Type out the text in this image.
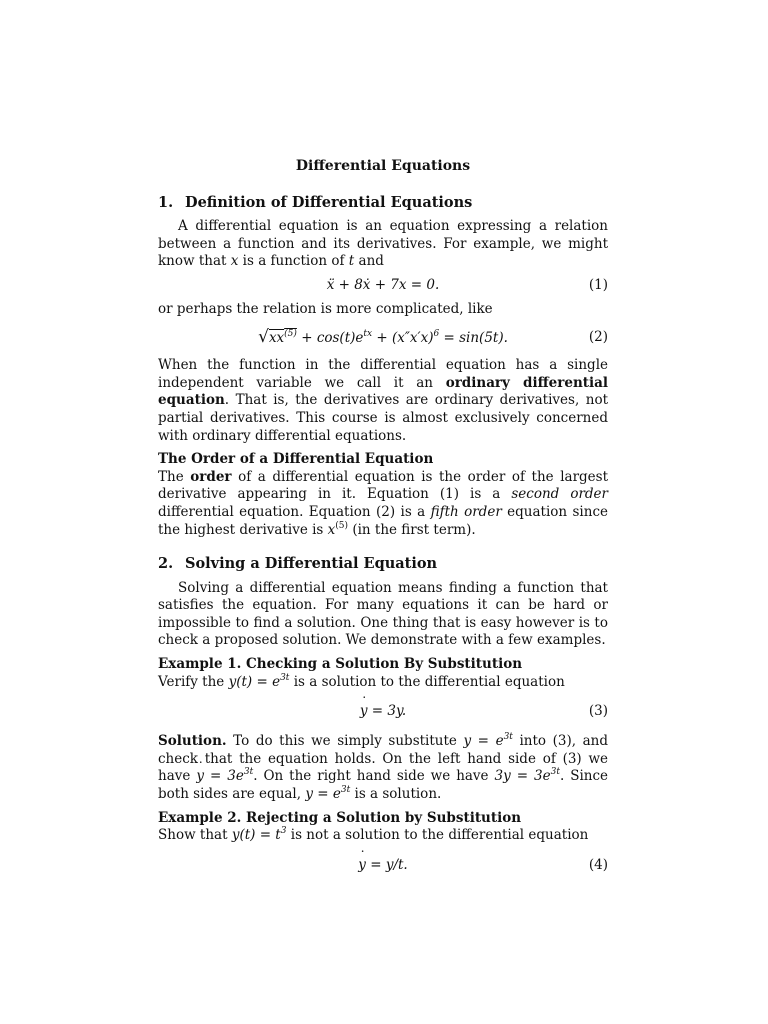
Differential Equations
1. Definition of Differential Equations

A differential equation is an equation expressing a relation between a function and its derivatives. For example, we might know that x is a function of t and

ẍ + 8ẋ + 7x = 0.	(1)

or perhaps the relation is more complicated, like

$√xx^{(5)} + \cos(t)e^{tx} + (x''x'x)^6 = \sin(5t)$.	(2)

When the function in the differential equation has a single independent variable we call it an ordinary differential equation. That is, the derivatives are ordinary derivatives, not partial derivatives. This course is almost exclusively concerned with ordinary differential equations.

The Order of a Differential Equation

The order of a differential equation is the order of the largest derivative appearing in it. Equation (1) is a second order differential equation. Equation (2) is a fifth order equation since the highest derivative is $x^{(5)}$ (in the first term).

2. Solving a Differential Equation

Solving a differential equation means finding a function that satisfies the equation. For many equations it can be hard or impossible to find a solution. One thing that is easy however is to check a proposed solution. We demonstrate with a few examples.

Example 1. Checking a Solution By Substitution

Verify the $y(t) = e^{3t}$ is a solution to the differential equation

y ˙ = 3y.	(3)

Solution. To do this we simply substitute $y = e^{3t}$ into (3), and check that the equation holds. On the left hand side of (3) we have y ˙ = $3e^{3t}$. On the right hand side we have $3y = 3e^{3t}$. Since both sides are equal, $y = e^{3t}$ is a solution.

Example 2. Rejecting a Solution by Substitution

Show that $y(t) = t^3$ is not a solution to the differential equation

y ˙ = y/t.	(4)
